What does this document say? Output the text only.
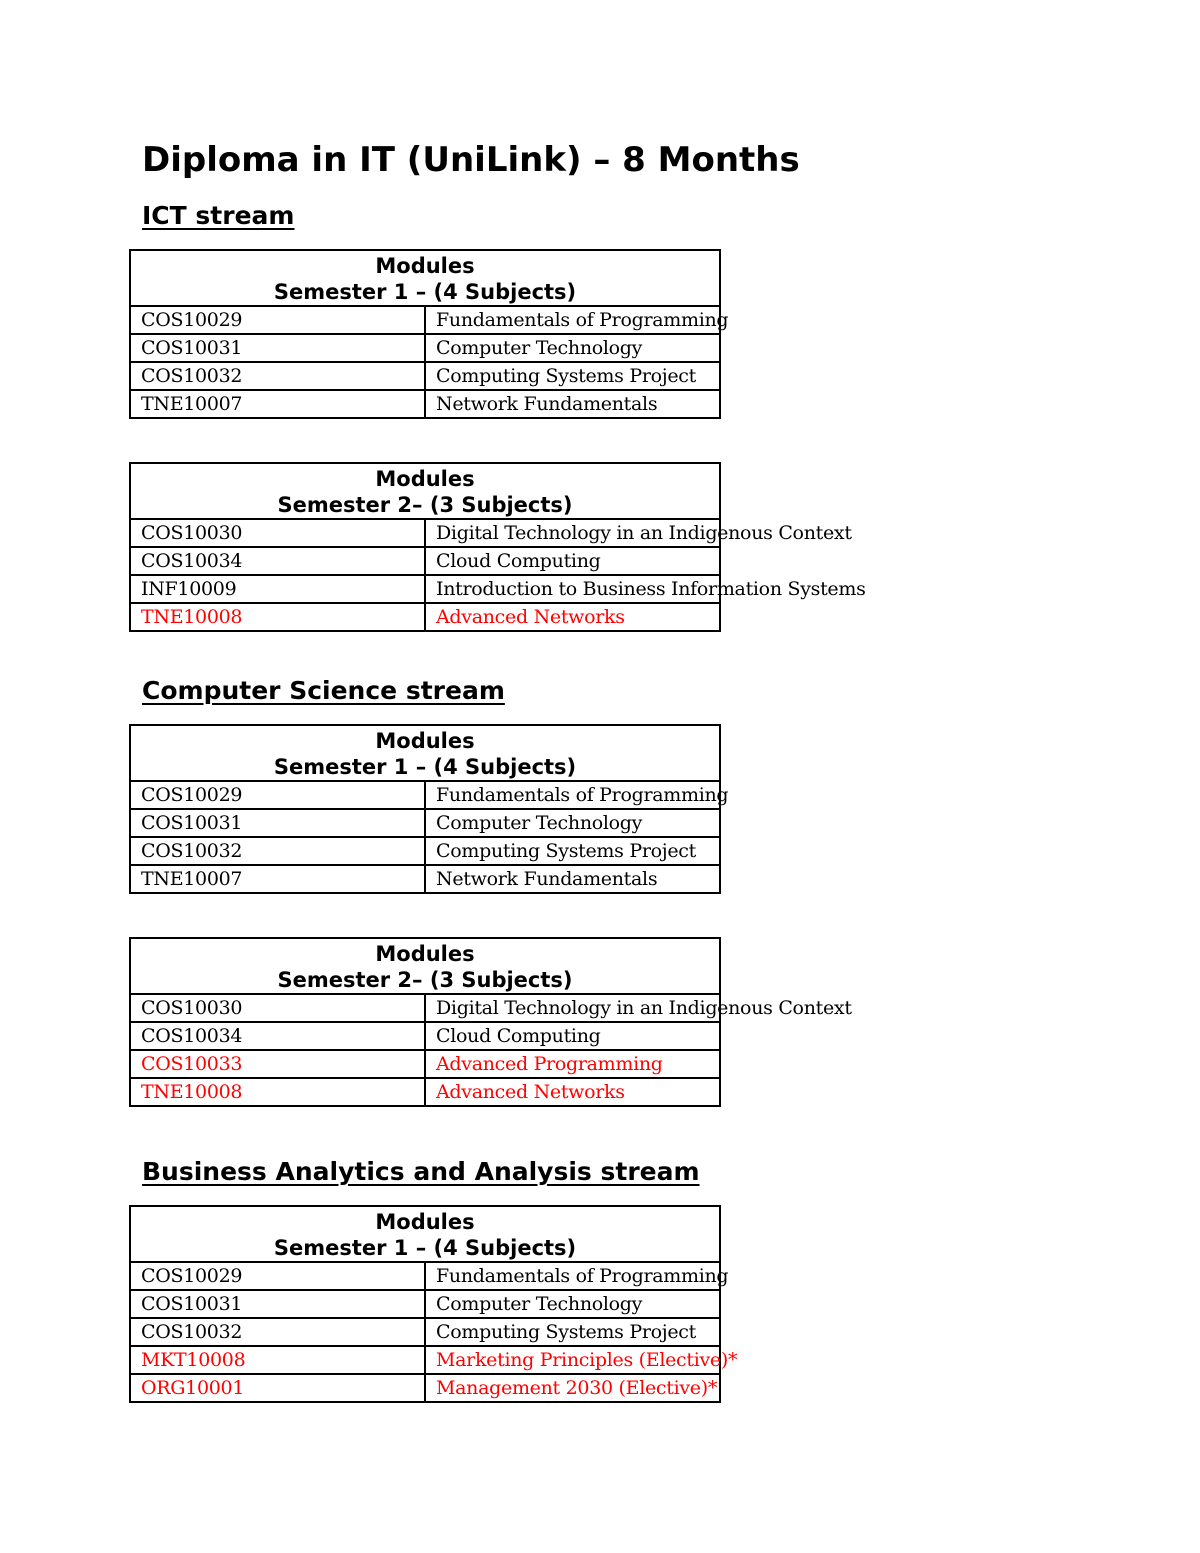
Diploma in IT (UniLink) – 8 Months
ICT stream
Modules
Semester 1 – (4 Subjects)	

COS10029	Fundamentals of Programming
COS10031	Computer Technology
COS10032	Computing Systems Project
TNE10007	Network Fundamentals
Modules
Semester 2– (3 Subjects)	

COS10030	Digital Technology in an Indigenous Context
COS10034	Cloud Computing
INF10009	Introduction to Business Information Systems
TNE10008	Advanced Networks
Computer Science stream
Modules
Semester 1 – (4 Subjects)	

COS10029	Fundamentals of Programming
COS10031	Computer Technology
COS10032	Computing Systems Project
TNE10007	Network Fundamentals
Modules
Semester 2– (3 Subjects)	

COS10030	Digital Technology in an Indigenous Context
COS10034	Cloud Computing
COS10033	Advanced Programming
TNE10008	Advanced Networks
Business Analytics and Analysis stream
Modules
Semester 1 – (4 Subjects)	

COS10029	Fundamentals of Programming
COS10031	Computer Technology
COS10032	Computing Systems Project
MKT10008	Marketing Principles (Elective)*
ORG10001	Management 2030 (Elective)*
